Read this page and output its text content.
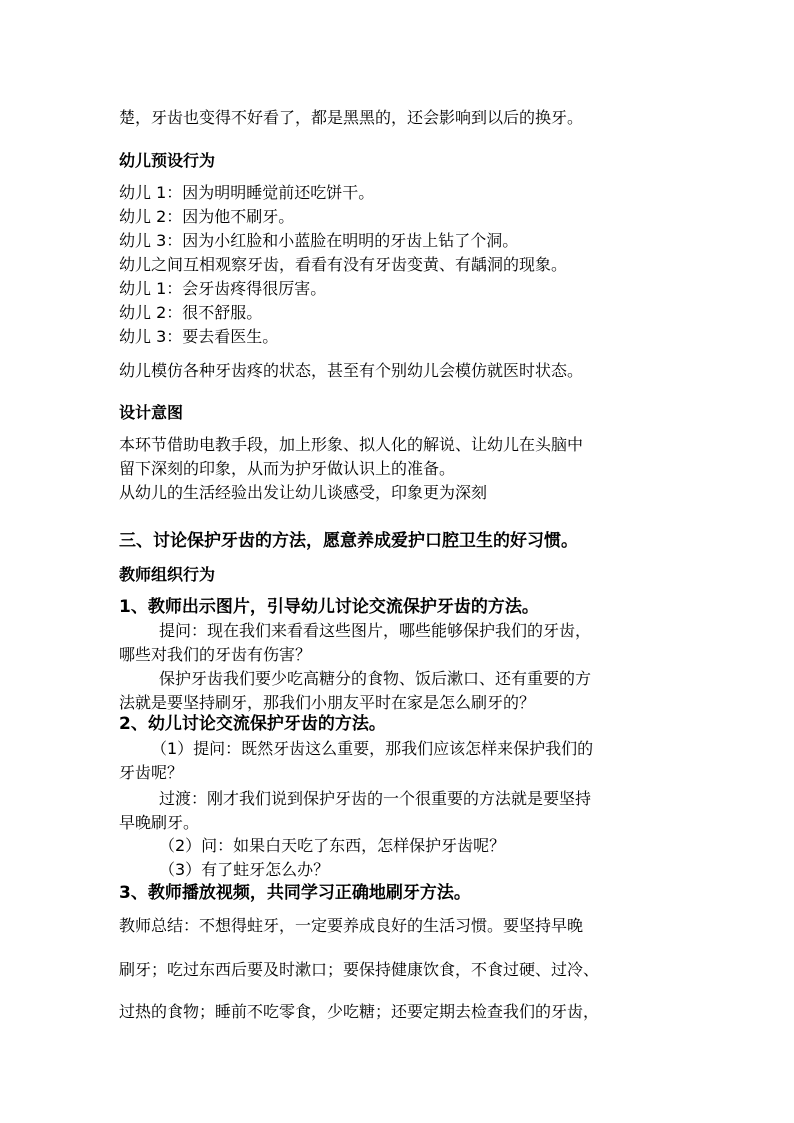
楚，牙齿也变得不好看了，都是黑黑的，还会影响到以后的换牙。
幼儿预设行为
幼儿 1：因为明明睡觉前还吃饼干。
幼儿 2：因为他不刷牙。
幼儿 3：因为小红脸和小蓝脸在明明的牙齿上钻了个洞。
幼儿之间互相观察牙齿，看看有没有牙齿变黄、有龋洞的现象。
幼儿 1：会牙齿疼得很厉害。
幼儿 2：很不舒服。
幼儿 3：要去看医生。
幼儿模仿各种牙齿疼的状态，甚至有个别幼儿会模仿就医时状态。
设计意图
本环节借助电教手段，加上形象、拟人化的解说、让幼儿在头脑中
留下深刻的印象，从而为护牙做认识上的准备。
从幼儿的生活经验出发让幼儿谈感受，印象更为深刻
三、讨论保护牙齿的方法，愿意养成爱护口腔卫生的好习惯。
教师组织行为
1、教师出示图片，引导幼儿讨论交流保护牙齿的方法。
提问：现在我们来看看这些图片，哪些能够保护我们的牙齿，
哪些对我们的牙齿有伤害？
保护牙齿我们要少吃高糖分的食物、饭后漱口、还有重要的方
法就是要坚持刷牙，那我们小朋友平时在家是怎么刷牙的？
2、幼儿讨论交流保护牙齿的方法。
（1）提问：既然牙齿这么重要，那我们应该怎样来保护我们的
牙齿呢？
过渡：刚才我们说到保护牙齿的一个很重要的方法就是要坚持
早晚刷牙。
（2）问：如果白天吃了东西，怎样保护牙齿呢？
（3）有了蛀牙怎么办？
3、教师播放视频，共同学习正确地刷牙方法。
教师总结：不想得蛀牙，一定要养成良好的生活习惯。要坚持早晚
刷牙；吃过东西后要及时漱口；要保持健康饮食，不食过硬、过冷、
过热的食物；睡前不吃零食，少吃糖；还要定期去检查我们的牙齿，
